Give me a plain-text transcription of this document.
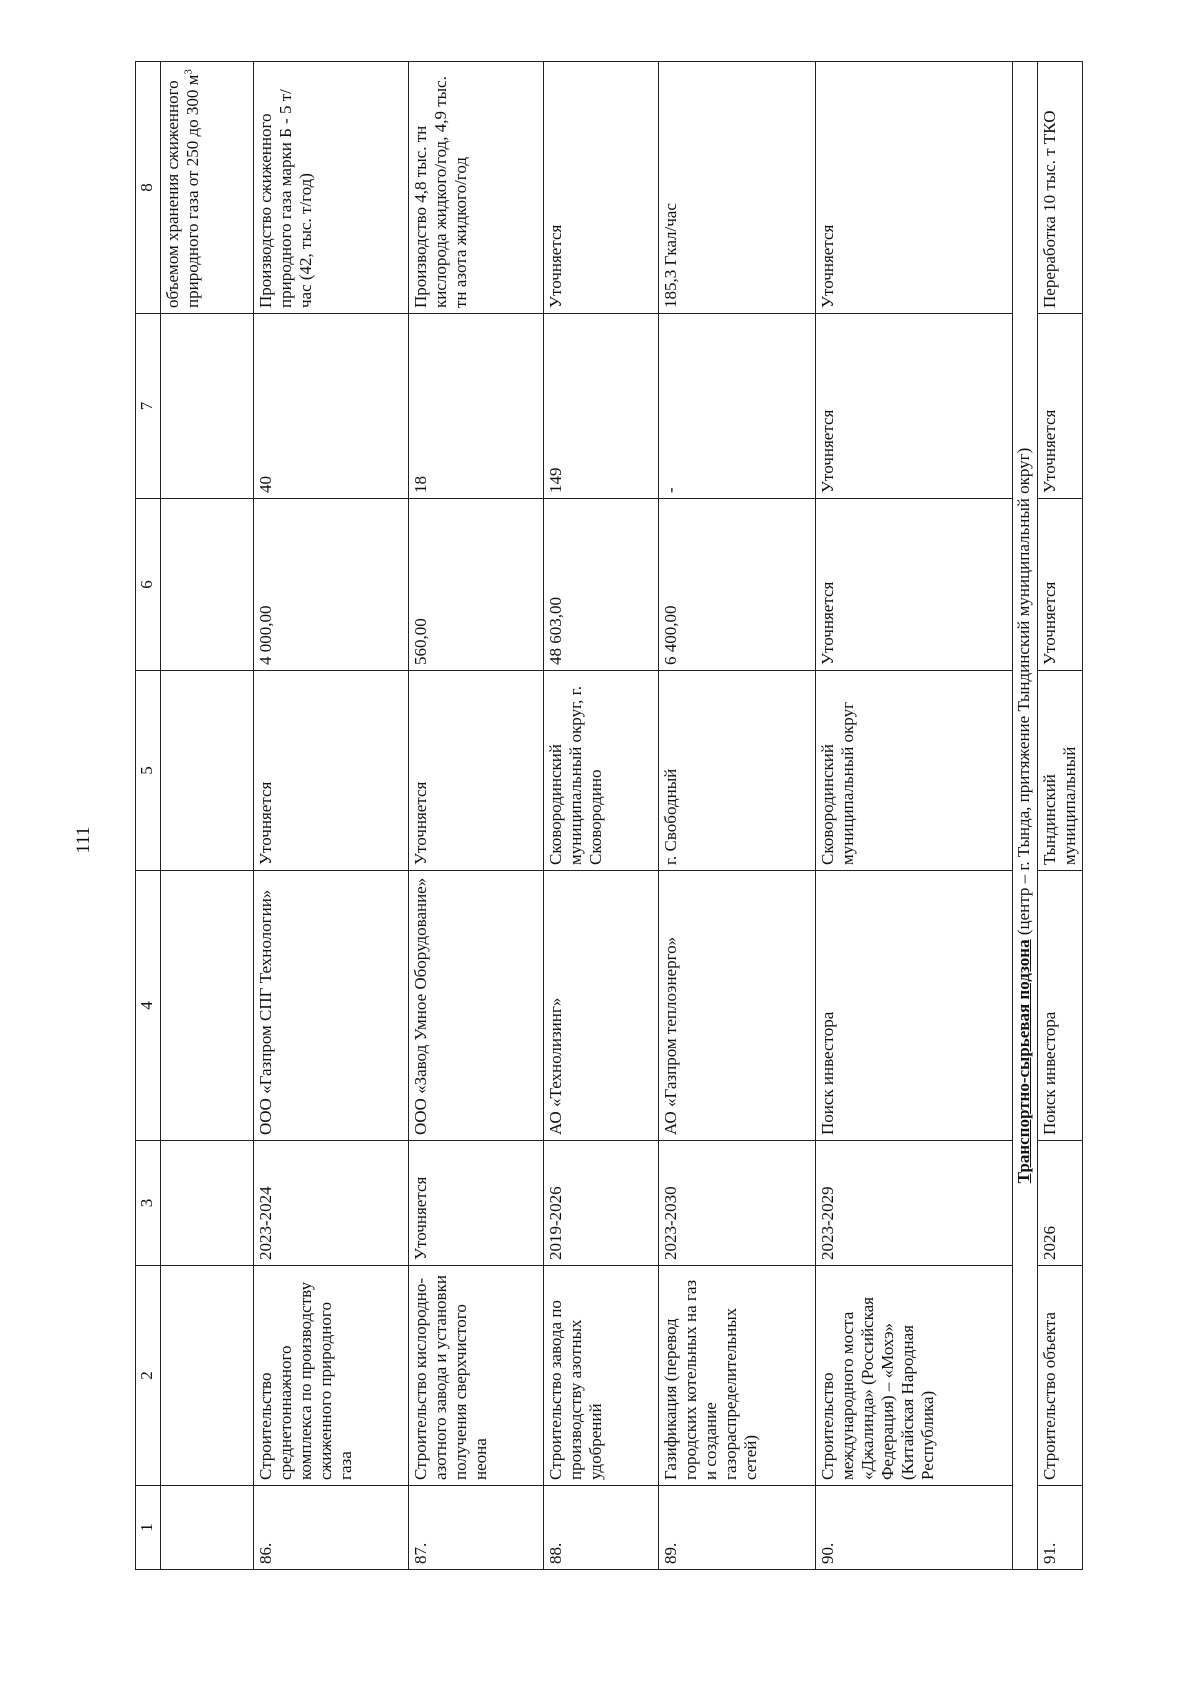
111
1	2	3	4	5	6	7	8
							объемом хранения сжиженного природного газа от 250 до 300 $м^3$
86.	Строительство среднетоннажного комплекса по производству сжиженного природного газа	2023-2024	ООО «Газпром СПГ Технологии»	Уточняется	4 000,00	40	Производство сжиженного природного газа марки Б - 5 т/час (42, тыс. т/год)
87.	Строительство кислородно-азотного завода и установки получения сверхчистого неона	Уточняется	ООО «Завод Умное Оборудование»	Уточняется	560,00	18	Производство 4,8 тыс. тн кислорода жидкого/год, 4,9 тыс. тн азота жидкого/год
88.	Строительство завода по производству азотных удобрений	2019-2026	АО «Технолизинг»	Сковородинский муниципальный округ, г. Сковородино	48 603,00	149	Уточняется
89.	Газификация (перевод городских котельных на газ и создание газораспределительных сетей)	2023-2030	АО «Газпром теплоэнерго»	г. Свободный	6 400,00	-	185,3 Гкал/час
90.	Строительство международного моста «Джалинда» (Российская Федерация) – «Мохэ» (Китайская Народная Республика)	2023-2029	Поиск инвестора	Сковородинский муниципальный округ	Уточняется	Уточняется	Уточняется
Транспортно-сырьевая подзона (центр – г. Тында, притяжение Тындинский муниципальный округ)							
91.	Строительство объекта	2026	Поиск инвестора	Тындинский муниципальный	Уточняется	Уточняется	Переработка 10 тыс. т ТКО
